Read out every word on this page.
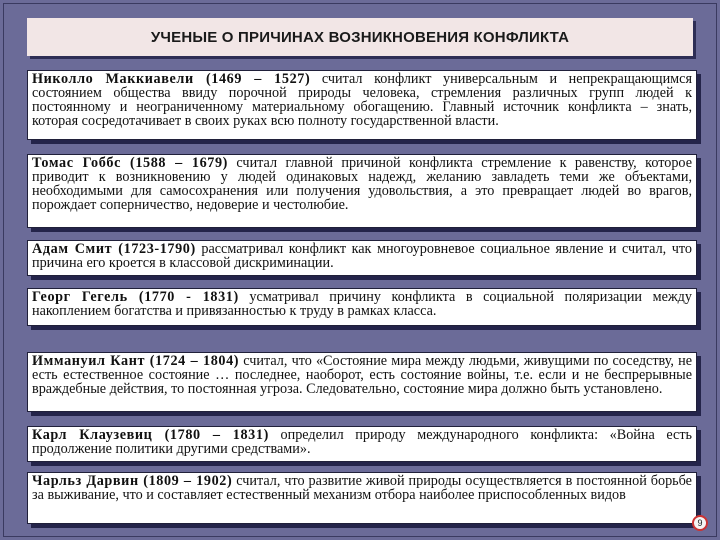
УЧЕНЫЕ О ПРИЧИНАХ ВОЗНИКНОВЕНИЯ КОНФЛИКТА
Николло Маккиавели (1469 – 1527) считал конфликт универсальным и непрекращающимся состоянием общества ввиду порочной природы человека, стремления различных групп людей к постоянному и неограниченному материальному обогащению. Главный источник конфликта – знать, которая сосредотачивает в своих руках всю полноту государственной власти.
Томас Гоббс (1588 – 1679) считал главной причиной конфликта стремление к равенству, которое приводит к возникновению у людей одинаковых надежд, желанию завладеть теми же объектами, необходимыми для самосохранения или получения удовольствия, а это превращает людей во врагов, порождает соперничество, недоверие и честолюбие.
Адам Смит (1723-1790) рассматривал конфликт как многоуровневое социальное явление и считал, что причина его кроется в классовой дискриминации.
Георг Гегель (1770 - 1831) усматривал причину конфликта в социальной поляризации между накоплением богатства и привязанностью к труду в рамках класса.
Иммануил Кант (1724 – 1804) считал, что «Состояние мира между людьми, живущими по соседству, не есть естественное состояние … последнее, наоборот, есть состояние войны, т.е. если и не беспрерывные враждебные действия, то постоянная угроза. Следовательно, состояние мира должно быть установлено.
Карл Клаузевиц (1780 – 1831) определил природу международного конфликта: «Война есть продолжение политики другими средствами».
Чарльз Дарвин (1809 – 1902) считал, что развитие живой природы осуществляется в постоянной борьбе за выживание, что и составляет естественный механизм отбора наиболее приспособленных видов
9
